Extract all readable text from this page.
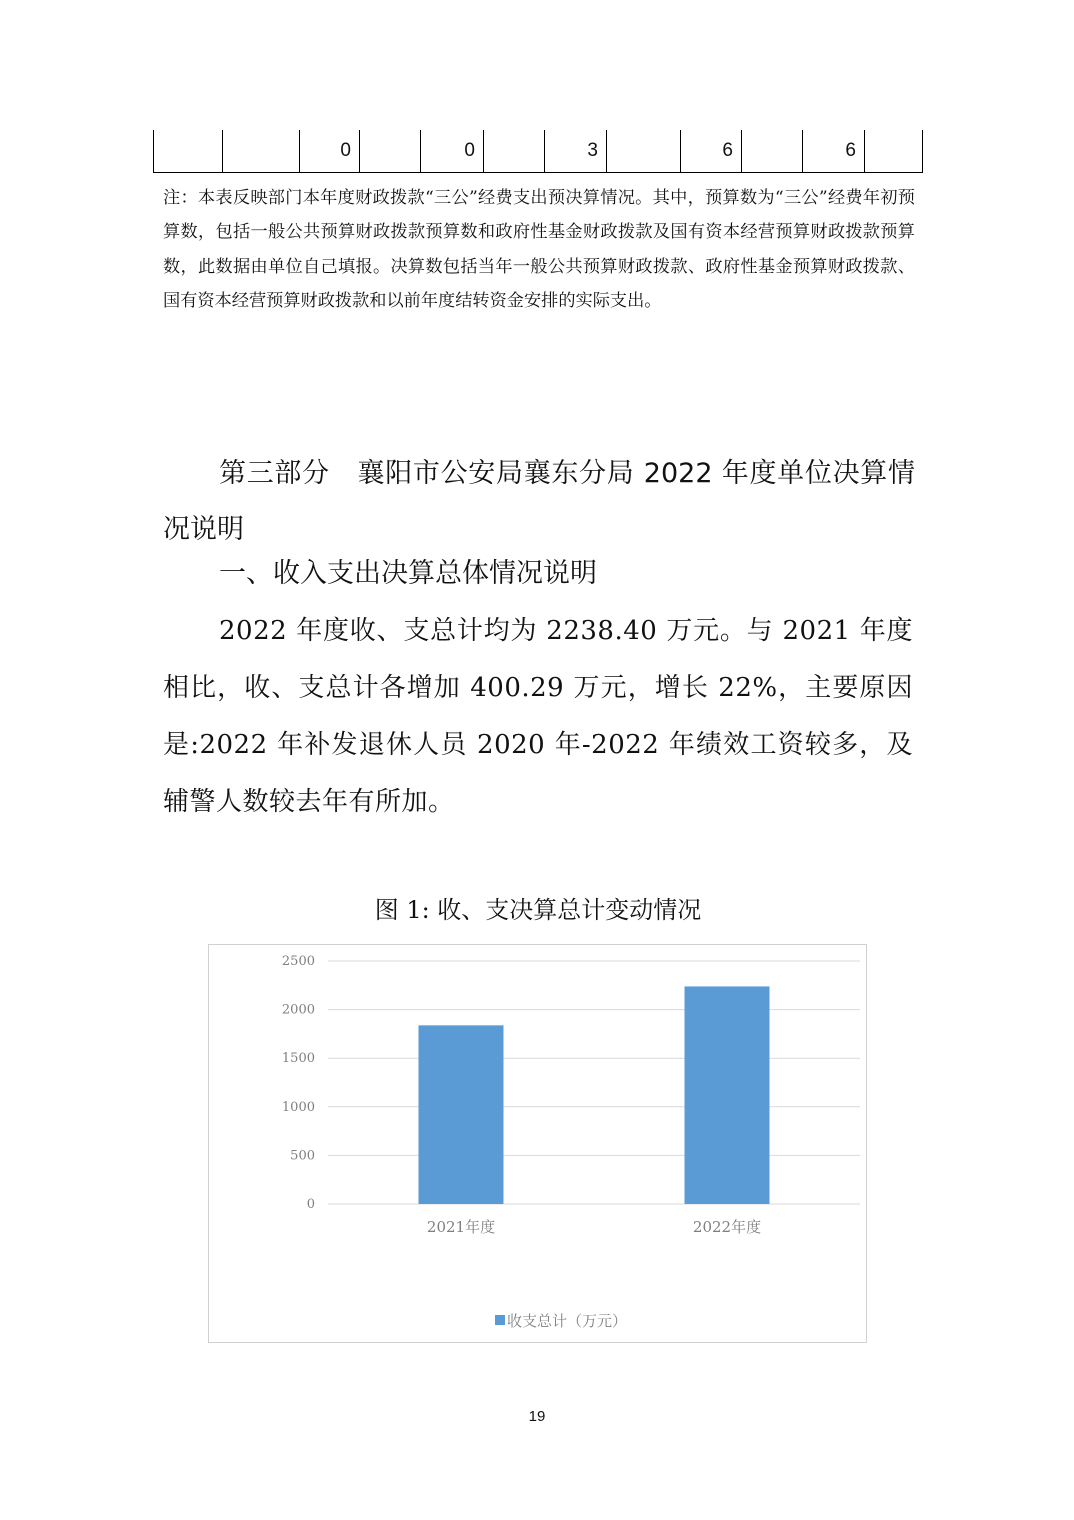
		0		0		3		6		6	
注：本表反映部门本年度财政拨款“三公”经费支出预决算情况。其中，预算数为“三公”经费年初预算数，包括一般公共预算财政拨款预算数和政府性基金财政拨款及国有资本经营预算财政拨款预算数，此数据由单位自己填报。决算数包括当年一般公共预算财政拨款、政府性基金预算财政拨款、国有资本经营预算财政拨款和以前年度结转资金安排的实际支出。
第三部分　襄阳市公安局襄东分局 2022 年度单位决算情况说明
一、收入支出决算总体情况说明
2022 年度收、支总计均为 2238.40 万元。与 2021 年度相比，收、支总计各增加 400.29 万元，增长 22%，主要原因是:2022 年补发退休人员 2020 年-2022 年绩效工资较多，及辅警人数较去年有所加。
图 1: 收、支决算总计变动情况
0
500
1000
1500
2000
2500
2021年度	2022年度
收支总计（万元）
19
